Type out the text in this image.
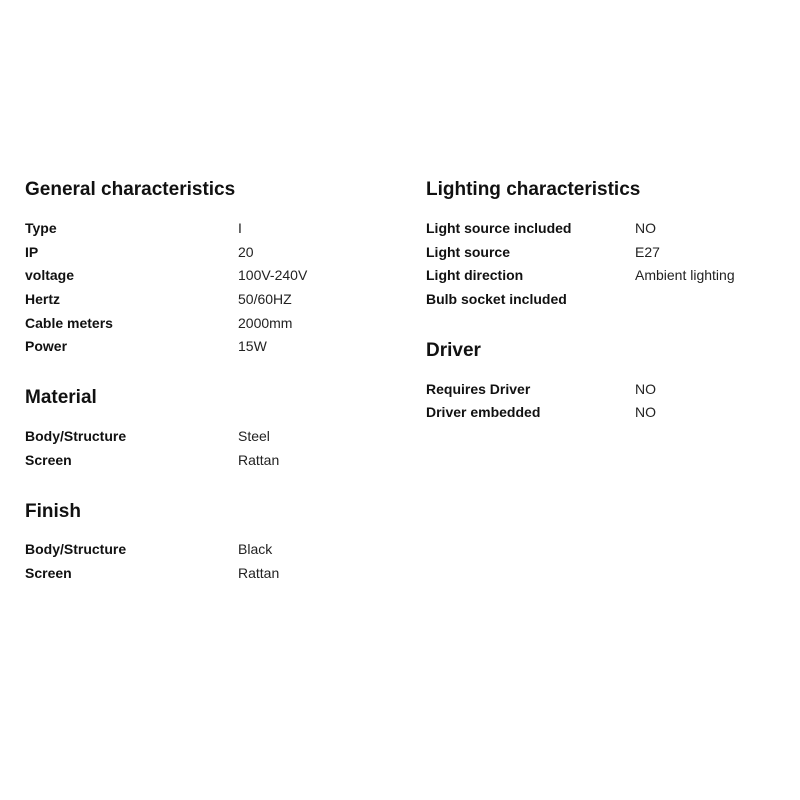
General characteristics
Type	I
IP	20
voltage	100V-240V
Hertz	50/60HZ
Cable meters	2000mm
Power	15W
Material
Body/Structure	Steel
Screen	Rattan
Finish
Body/Structure	Black
Screen	Rattan
Lighting characteristics
Light source included	NO
Light source	E27
Light direction	Ambient lighting
Bulb socket included
Driver
Requires Driver	NO
Driver embedded	NO
